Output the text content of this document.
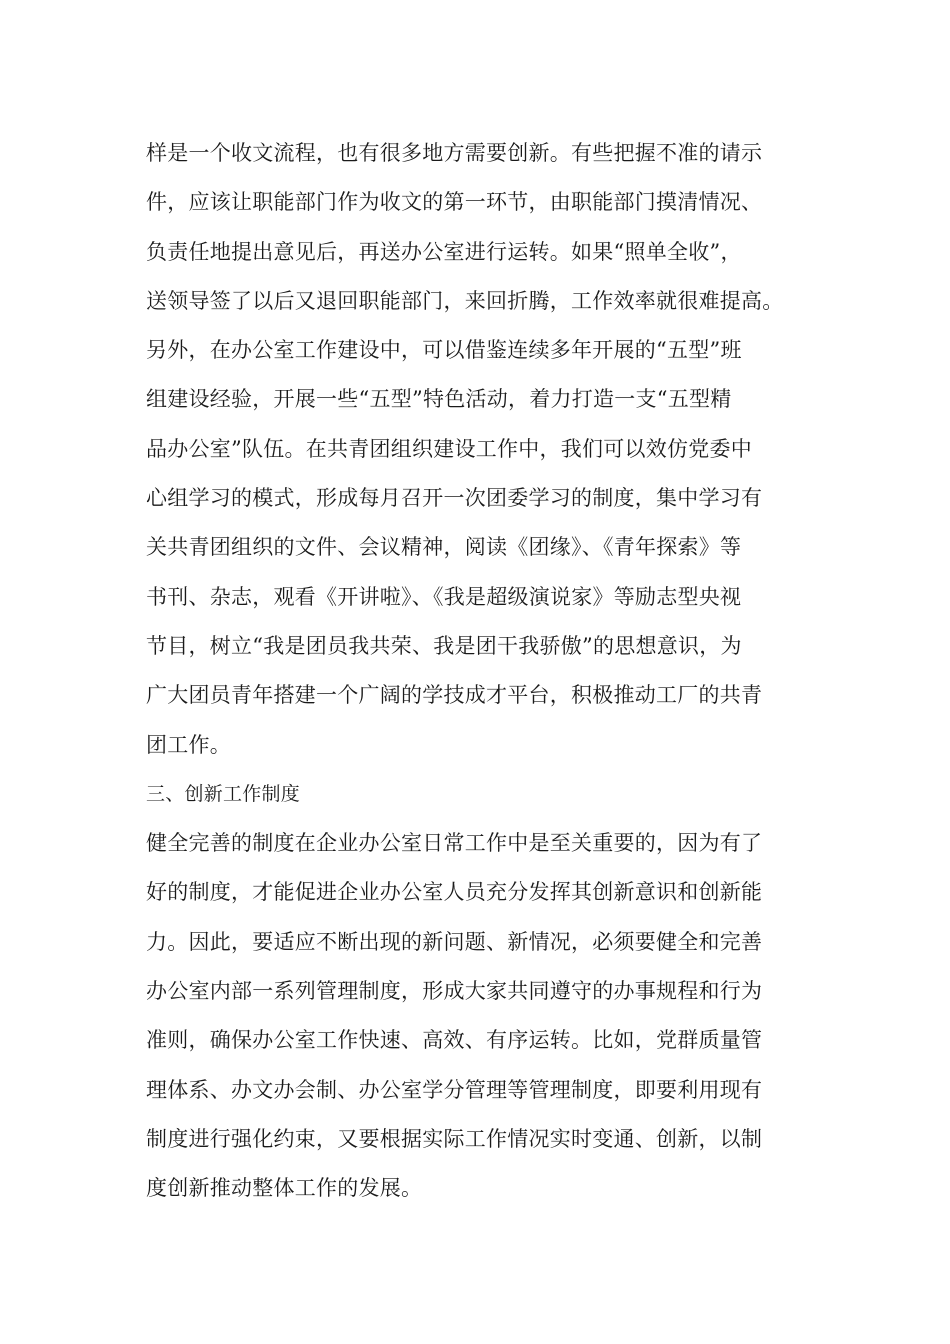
样是一个收文流程，也有很多地方需要创新。有些把握不准的请示
件，应该让职能部门作为收文的第一环节，由职能部门摸清情况、
负责任地提出意见后，再送办公室进行运转。如果“照单全收”，
送领导签了以后又退回职能部门，来回折腾，工作效率就很难提高。
另外，在办公室工作建设中，可以借鉴连续多年开展的“五型”班
组建设经验，开展一些“五型”特色活动，着力打造一支“五型精
品办公室”队伍。在共青团组织建设工作中，我们可以效仿党委中
心组学习的模式，形成每月召开一次团委学习的制度，集中学习有
关共青团组织的文件、会议精神，阅读《团缘》、《青年探索》等
书刊、杂志，观看《开讲啦》、《我是超级演说家》等励志型央视
节目，树立“我是团员我共荣、我是团干我骄傲”的思想意识，为
广大团员青年搭建一个广阔的学技成才平台，积极推动工厂的共青
团工作。
三、创新工作制度
健全完善的制度在企业办公室日常工作中是至关重要的，因为有了
好的制度，才能促进企业办公室人员充分发挥其创新意识和创新能
力。因此，要适应不断出现的新问题、新情况，必须要健全和完善
办公室内部一系列管理制度，形成大家共同遵守的办事规程和行为
准则，确保办公室工作快速、高效、有序运转。比如，党群质量管
理体系、办文办会制、办公室学分管理等管理制度，即要利用现有
制度进行强化约束，又要根据实际工作情况实时变通、创新，以制
度创新推动整体工作的发展。
